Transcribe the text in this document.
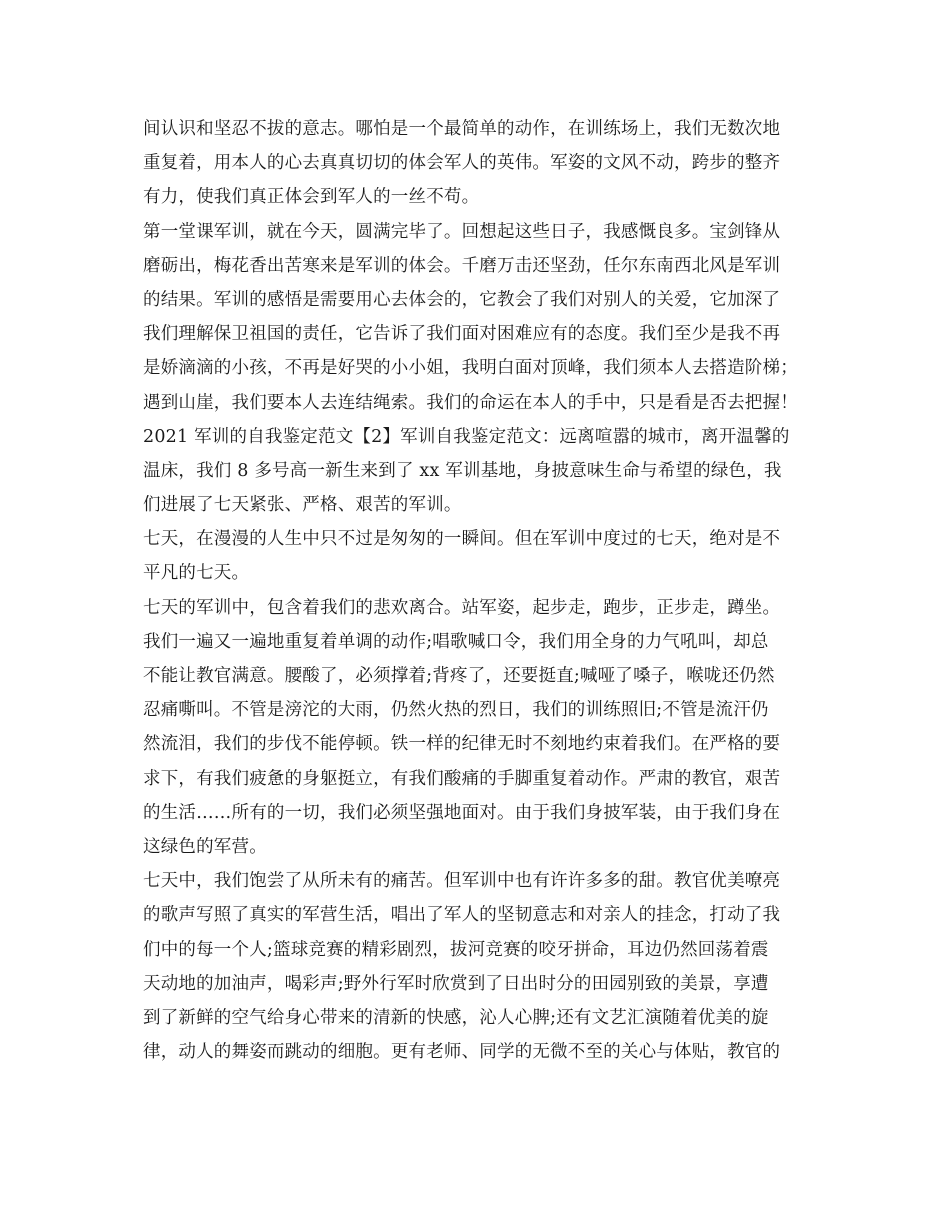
间认识和坚忍不拔的意志。哪怕是一个最简单的动作，在训练场上，我们无数次地
重复着，用本人的心去真真切切的体会军人的英伟。军姿的文风不动，跨步的整齐
有力，使我们真正体会到军人的一丝不苟。
第一堂课军训，就在今天，圆满完毕了。回想起这些日子，我感慨良多。宝剑锋从
磨砺出，梅花香出苦寒来是军训的体会。千磨万击还坚劲，任尔东南西北风是军训
的结果。军训的感悟是需要用心去体会的，它教会了我们对别人的关爱，它加深了
我们理解保卫祖国的责任，它告诉了我们面对困难应有的态度。我们至少是我不再
是娇滴滴的小孩，不再是好哭的小小姐，我明白面对顶峰，我们须本人去搭造阶梯；
遇到山崖，我们要本人去连结绳索。我们的命运在本人的手中，只是看是否去把握！
2021 军训的自我鉴定范文【2】军训自我鉴定范文：远离喧嚣的城市，离开温馨的
温床，我们 8 多号高一新生来到了 xx 军训基地，身披意味生命与希望的绿色，我
们进展了七天紧张、严格、艰苦的军训。
七天，在漫漫的人生中只不过是匆匆的一瞬间。但在军训中度过的七天，绝对是不
平凡的七天。
七天的军训中，包含着我们的悲欢离合。站军姿，起步走，跑步，正步走，蹲坐。
我们一遍又一遍地重复着单调的动作;唱歌喊口令，我们用全身的力气吼叫，却总
不能让教官满意。腰酸了，必须撑着;背疼了，还要挺直;喊哑了嗓子，喉咙还仍然
忍痛嘶叫。不管是滂沱的大雨，仍然火热的烈日，我们的训练照旧;不管是流汗仍
然流泪，我们的步伐不能停顿。铁一样的纪律无时不刻地约束着我们。在严格的要
求下，有我们疲惫的身躯挺立，有我们酸痛的手脚重复着动作。严肃的教官，艰苦
的生活……所有的一切，我们必须坚强地面对。由于我们身披军装，由于我们身在
这绿色的军营。
七天中，我们饱尝了从所未有的痛苦。但军训中也有许许多多的甜。教官优美嘹亮
的歌声写照了真实的军营生活，唱出了军人的坚韧意志和对亲人的挂念，打动了我
们中的每一个人;篮球竞赛的精彩剧烈，拔河竞赛的咬牙拼命，耳边仍然回荡着震
天动地的加油声，喝彩声;野外行军时欣赏到了日出时分的田园别致的美景，享遭
到了新鲜的空气给身心带来的清新的快感，沁人心脾;还有文艺汇演随着优美的旋
律，动人的舞姿而跳动的细胞。更有老师、同学的无微不至的关心与体贴，教官的
